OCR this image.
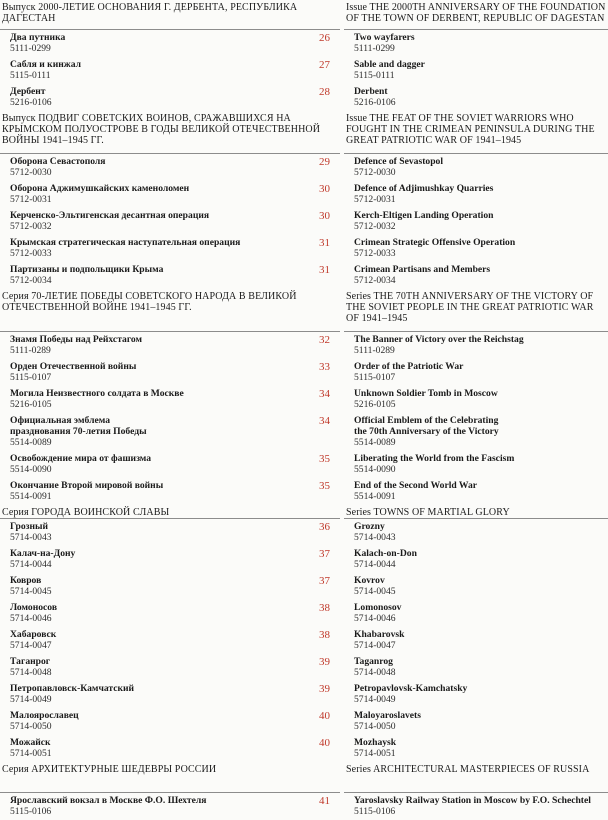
Выпуск 2000-ЛЕТИЕ ОСНОВАНИЯ Г. ДЕРБЕНТА, РЕСПУБЛИКА ДАГЕСТАН
Два путника
5111-0299
26
Сабля и кинжал
5115-0111
27
Дербент
5216-0106
28
Выпуск ПОДВИГ СОВЕТСКИХ ВОИНОВ, СРАЖАВШИХСЯ НА КРЫМСКОМ ПОЛУОСТРОВЕ В ГОДЫ ВЕЛИКОЙ ОТЕЧЕСТВЕННОЙ ВОЙНЫ 1941–1945 ГГ.
Оборона Севастополя
5712-0030
29
Оборона Аджимушкайских каменоломен
5712-0031
30
Керченско-Эльтигенская десантная операция
5712-0032
30
Крымская стратегическая наступательная операция
5712-0033
31
Партизаны и подпольщики Крыма
5712-0034
31
Серия 70-ЛЕТИЕ ПОБЕДЫ СОВЕТСКОГО НАРОДА В ВЕЛИКОЙ ОТЕЧЕСТВЕННОЙ ВОЙНЕ 1941–1945 ГГ.
Знамя Победы над Рейхстагом
5111-0289
32
Орден Отечественной войны
5115-0107
33
Могила Неизвестного солдата в Москве
5216-0105
34
Официальная эмблема
празднования 70-летия Победы
5514-0089
34
Освобождение мира от фашизма
5514-0090
35
Окончание Второй мировой войны
5514-0091
35
Серия ГОРОДА ВОИНСКОЙ СЛАВЫ
Грозный
5714-0043
36
Калач-на-Дону
5714-0044
37
Ковров
5714-0045
37
Ломоносов
5714-0046
38
Хабаровск
5714-0047
38
Таганрог
5714-0048
39
Петропавловск-Камчатский
5714-0049
39
Малоярославец
5714-0050
40
Можайск
5714-0051
40
Серия АРХИТЕКТУРНЫЕ ШЕДЕВРЫ РОССИИ
Ярославский вокзал в Москве Ф.О. Шехтеля
5115-0106
41
Issue THE 2000TH ANNIVERSARY OF THE FOUNDATION OF THE TOWN OF DERBENT, REPUBLIC OF DAGESTAN
Two wayfarers
5111-0299
Sable and dagger
5115-0111
Derbent
5216-0106
Issue THE FEAT OF THE SOVIET WARRIORS WHO FOUGHT IN THE CRIMEAN PENINSULA DURING THE GREAT PATRIOTIC WAR OF 1941–1945
Defence of Sevastopol
5712-0030
Defence of Adjimushkay Quarries
5712-0031
Kerch-Eltigen Landing Operation
5712-0032
Crimean Strategic Offensive Operation
5712-0033
Crimean Partisans and Members
5712-0034
Series THE 70TH ANNIVERSARY OF THE VICTORY OF THE SOVIET PEOPLE IN THE GREAT PATRIOTIC WAR OF 1941–1945
The Banner of Victory over the Reichstag
5111-0289
Order of the Patriotic War
5115-0107
Unknown Soldier Tomb in Moscow
5216-0105
Official Emblem of the Celebrating
the 70th Anniversary of the Victory
5514-0089
Liberating the World from the Fascism
5514-0090
End of the Second World War
5514-0091
Series TOWNS OF MARTIAL GLORY
Grozny
5714-0043
Kalach-on-Don
5714-0044
Kovrov
5714-0045
Lomonosov
5714-0046
Khabarovsk
5714-0047
Taganrog
5714-0048
Petropavlovsk-Kamchatsky
5714-0049
Maloyaroslavets
5714-0050
Mozhaysk
5714-0051
Series ARCHITECTURAL MASTERPIECES OF RUSSIA
Yaroslavsky Railway Station in Moscow by F.O. Schechtel
5115-0106
